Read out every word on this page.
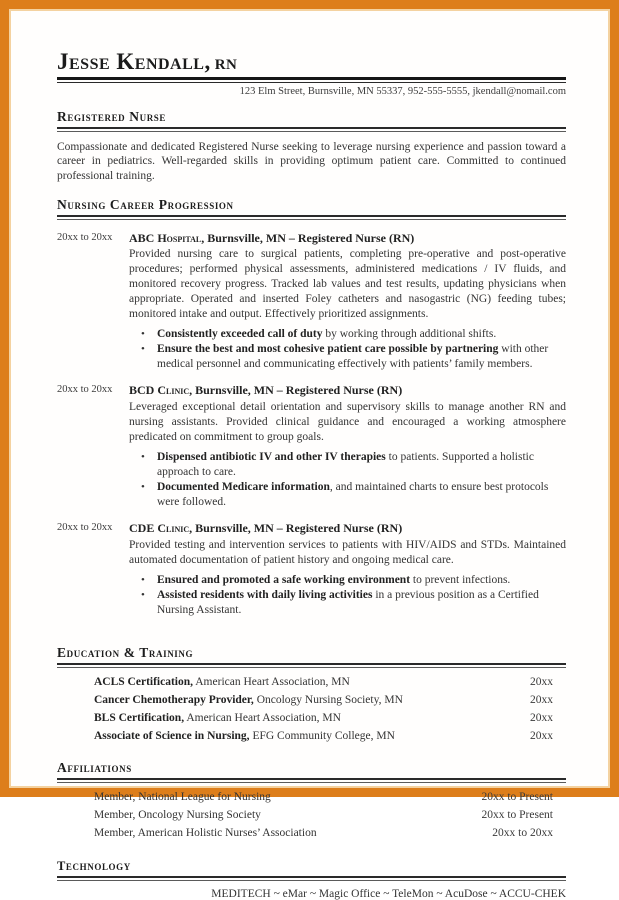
Jesse Kendall, RN
123 Elm Street, Burnsville, MN 55337, 952-555-5555, jkendall@nomail.com
Registered Nurse

Compassionate and dedicated Registered Nurse seeking to leverage nursing experience and passion toward a career in pediatrics. Well-regarded skills in providing optimum patient care. Committed to continued professional training.

Nursing Career Progression
20xx to 20xx	ABC Hospital, Burnsville, MN – Registered Nurse (RN)
Provided nursing care to surgical patients, completing pre-operative and post-operative procedures; performed physical assessments, administered medications / IV fluids, and monitored recovery progress. Tracked lab values and test results, updating physicians when appropriate. Operated and inserted Foley catheters and nasogastric (NG) feeding tubes; monitored intake and output. Effectively prioritized assignments.
• Consistently exceeded call of duty by working through additional shifts.
• Ensure the best and most cohesive patient care possible by partnering with other medical personnel and communicating effectively with patients’ family members.
20xx to 20xx	BCD Clinic, Burnsville, MN – Registered Nurse (RN)
Leveraged exceptional detail orientation and supervisory skills to manage another RN and nursing assistants. Provided clinical guidance and encouraged a working atmosphere predicated on commitment to group goals.
• Dispensed antibiotic IV and other IV therapies to patients. Supported a holistic approach to care.
• Documented Medicare information, and maintained charts to ensure best protocols were followed.
20xx to 20xx	CDE Clinic, Burnsville, MN – Registered Nurse (RN)
Provided testing and intervention services to patients with HIV/AIDS and STDs. Maintained automated documentation of patient history and ongoing medical care.
• Ensured and promoted a safe working environment to prevent infections.
• Assisted residents with daily living activities in a previous position as a Certified Nursing Assistant.
Education & Training
ACLS Certification, American Heart Association, MN	20xx
Cancer Chemotherapy Provider, Oncology Nursing Society, MN	20xx
BLS Certification, American Heart Association, MN	20xx
Associate of Science in Nursing, EFG Community College, MN	20xx
Affiliations
Member, National League for Nursing	20xx to Present
Member, Oncology Nursing Society	20xx to Present
Member, American Holistic Nurses’ Association	20xx to 20xx
Technology
MEDITECH ~ eMar ~ Magic Office ~ TeleMon ~ AcuDose ~ ACCU-CHEK
